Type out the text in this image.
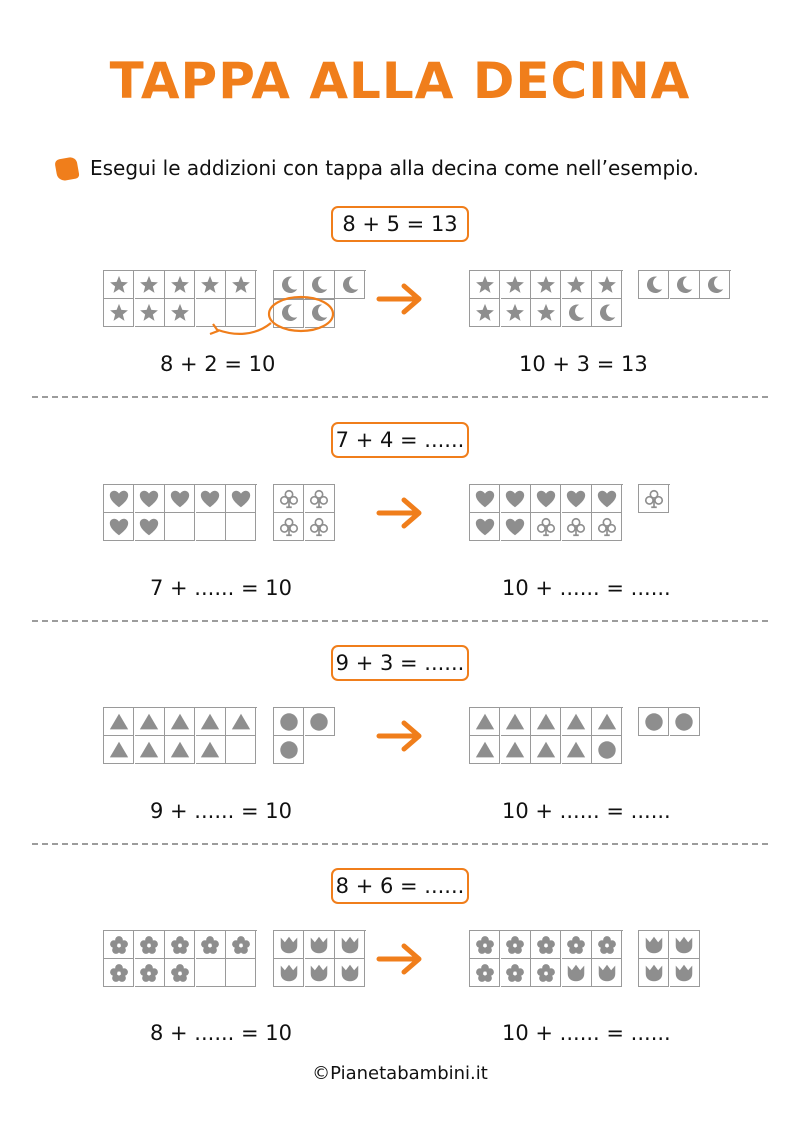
TAPPA ALLA DECINA
Esegui le addizioni con tappa alla decina come nell’esempio.
8 + 5 = 13
8 + 2 = 10	10 + 3 = 13
7 + 4 = ......
7 + ...... = 10	10 + ...... = ......
9 + 3 = ......
9 + ...... = 10	10 + ...... = ......
8 + 6 = ......
8 + ...... = 10	10 + ...... = ......
©Pianetabambini.it
